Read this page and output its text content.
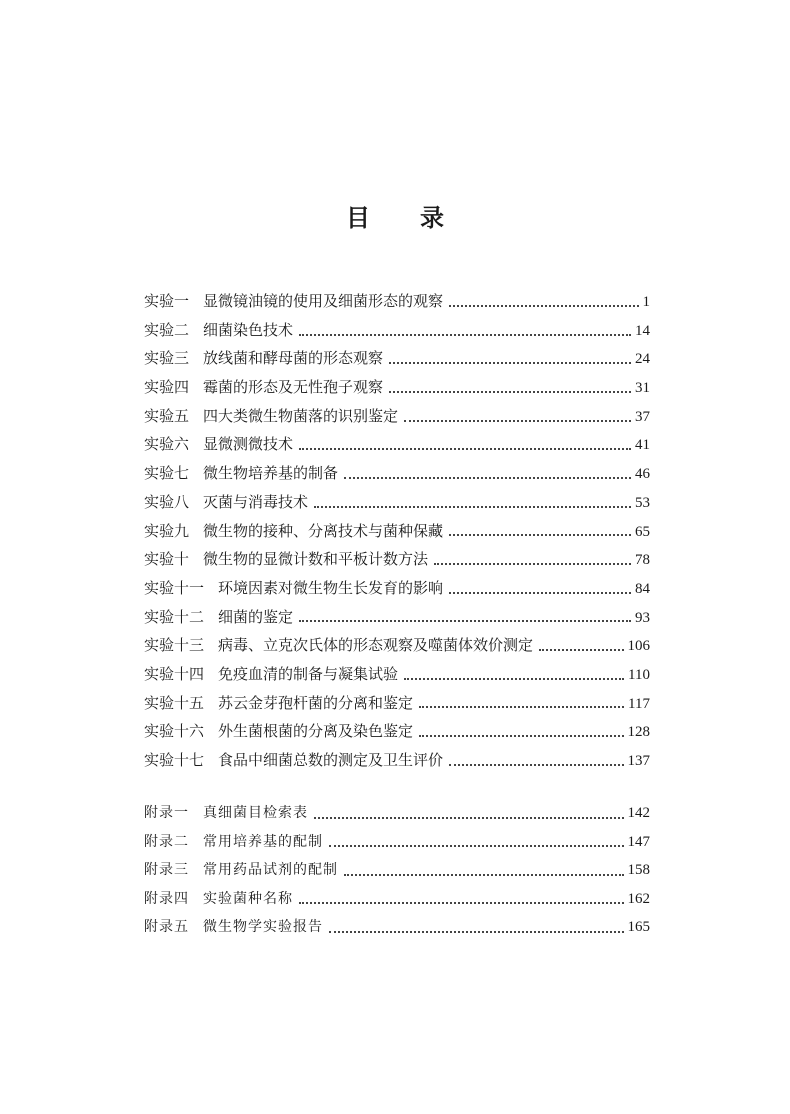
目 录
实验一 显微镜油镜的使用及细菌形态的观察	1
实验二 细菌染色技术	14
实验三 放线菌和酵母菌的形态观察	24
实验四 霉菌的形态及无性孢子观察	31
实验五 四大类微生物菌落的识别鉴定	37
实验六 显微测微技术	41
实验七 微生物培养基的制备	46
实验八 灭菌与消毒技术	53
实验九 微生物的接种、分离技术与菌种保藏	65
实验十 微生物的显微计数和平板计数方法	78
实验十一 环境因素对微生物生长发育的影响	84
实验十二 细菌的鉴定	93
实验十三 病毒、立克次氏体的形态观察及噬菌体效价测定	106
实验十四 免疫血清的制备与凝集试验	110
实验十五 苏云金芽孢杆菌的分离和鉴定	117
实验十六 外生菌根菌的分离及染色鉴定	128
实验十七 食品中细菌总数的测定及卫生评价	137
附录一	真细菌目检索表	142
附录二	常用培养基的配制	147
附录三	常用药品试剂的配制	158
附录四	实验菌种名称	162
附录五	微生物学实验报告	165
